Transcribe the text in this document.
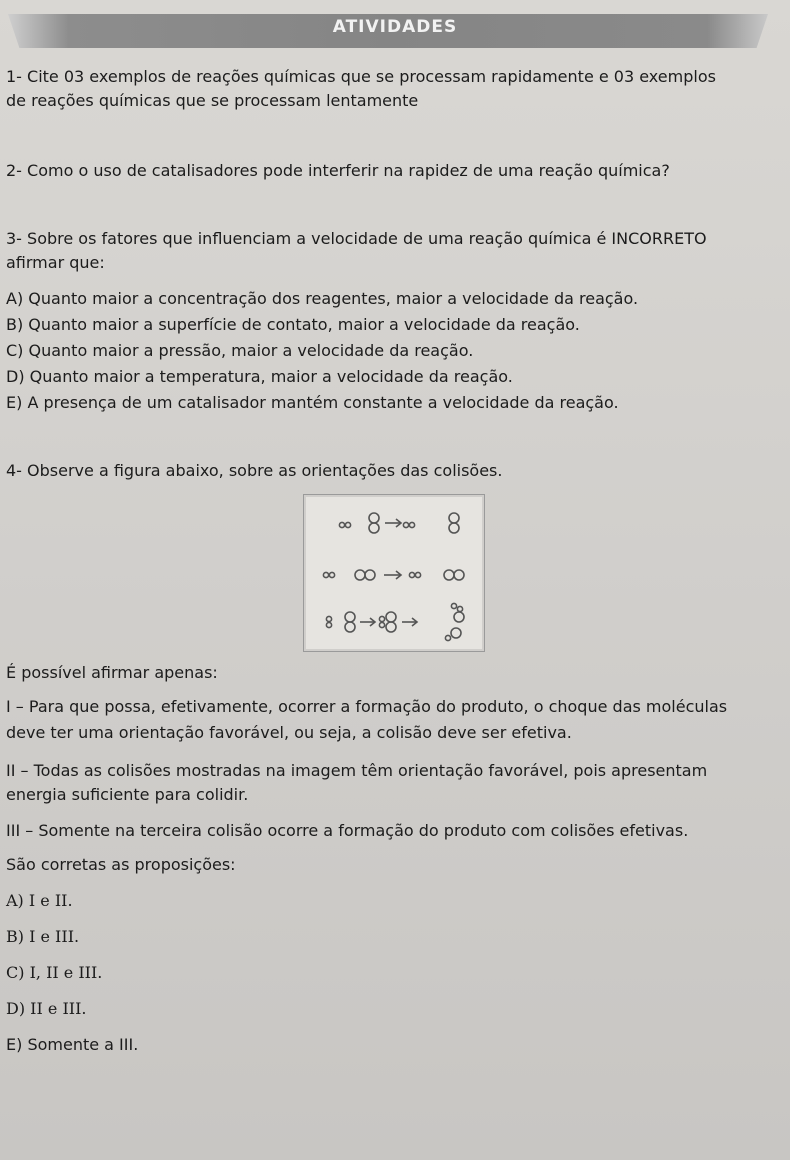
ATIVIDADES
1- Cite 03 exemplos de reações químicas que se processam rapidamente e 03 exemplos
de reações químicas que se processam lentamente
2- Como o uso de catalisadores pode interferir na rapidez de uma reação química?
3- Sobre os fatores que influenciam a velocidade de uma reação química é INCORRETO
afirmar que:
A) Quanto maior a concentração dos reagentes, maior a velocidade da reação.
B) Quanto maior a superfície de contato, maior a velocidade da reação.
C) Quanto maior a pressão, maior a velocidade da reação.
D) Quanto maior a temperatura, maior a velocidade da reação.
E) A presença de um catalisador mantém constante a velocidade da reação.
4- Observe a figura abaixo, sobre as orientações das colisões.
É possível afirmar apenas:
I – Para que possa, efetivamente, ocorrer a formação do produto, o choque das moléculas
deve ter uma orientação favorável, ou seja, a colisão deve ser efetiva.
II – Todas as colisões mostradas na imagem têm orientação favorável, pois apresentam
energia suficiente para colidir.
III – Somente na terceira colisão ocorre a formação do produto com colisões efetivas.
São corretas as proposições:
A) I e II.
B) I e III.
C) I, II e III.
D) II e III.
E) Somente a III.
